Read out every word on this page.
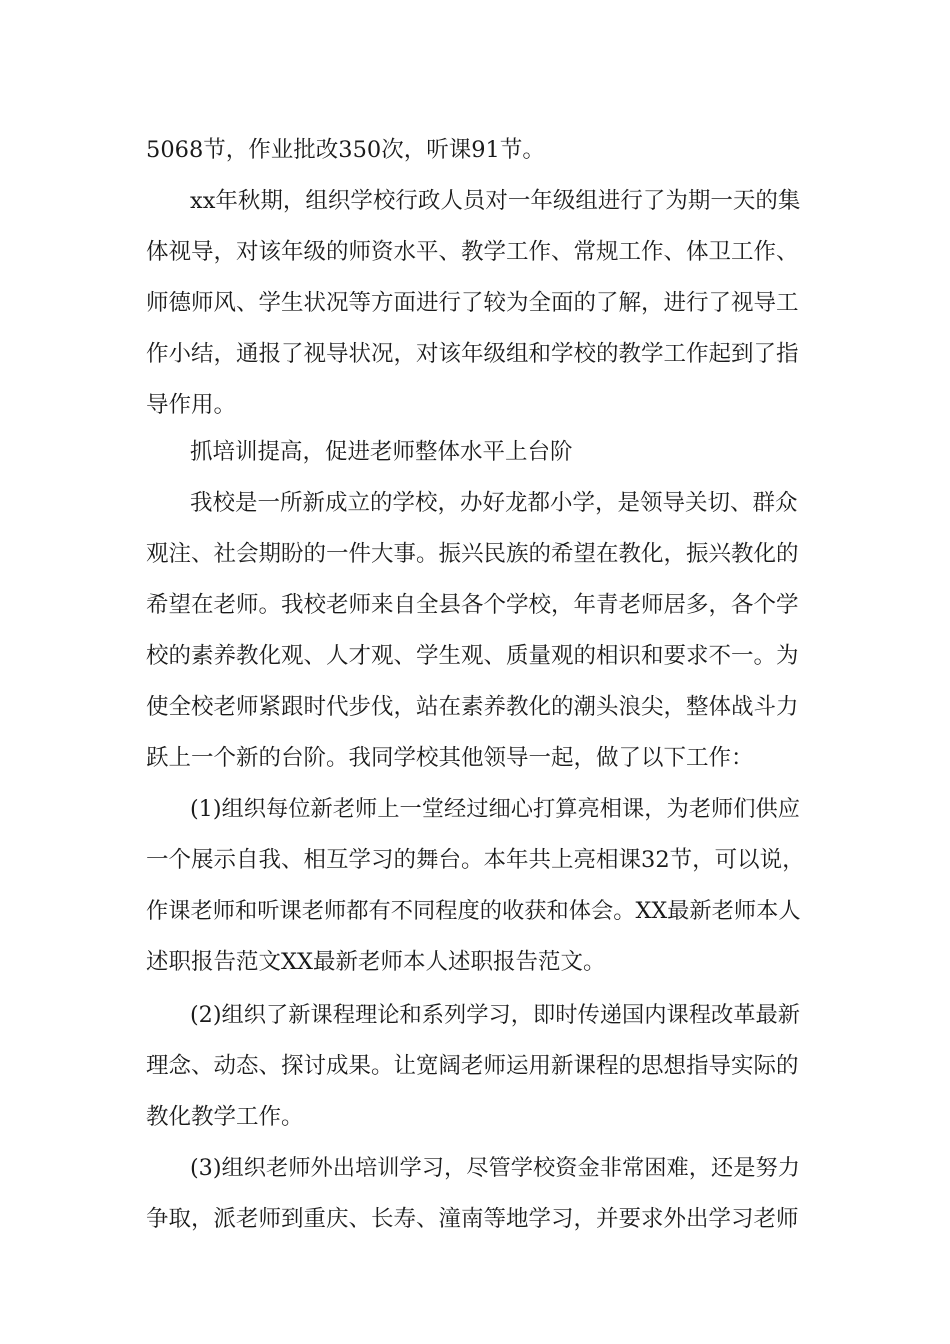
5068节，作业批改350次，听课91节。

xx年秋期，组织学校行政人员对一年级组进行了为期一天的集

体视导，对该年级的师资水平、教学工作、常规工作、体卫工作、

师德师风、学生状况等方面进行了较为全面的了解，进行了视导工

作小结，通报了视导状况，对该年级组和学校的教学工作起到了指

导作用。

抓培训提高，促进老师整体水平上台阶

我校是一所新成立的学校，办好龙都小学，是领导关切、群众

观注、社会期盼的一件大事。振兴民族的希望在教化，振兴教化的

希望在老师。我校老师来自全县各个学校，年青老师居多，各个学

校的素养教化观、人才观、学生观、质量观的相识和要求不一。为

使全校老师紧跟时代步伐，站在素养教化的潮头浪尖，整体战斗力

跃上一个新的台阶。我同学校其他领导一起，做了以下工作：

(1)组织每位新老师上一堂经过细心打算亮相课，为老师们供应

一个展示自我、相互学习的舞台。本年共上亮相课32节，可以说，

作课老师和听课老师都有不同程度的收获和体会。XX最新老师本人

述职报告范文XX最新老师本人述职报告范文。

(2)组织了新课程理论和系列学习，即时传递国内课程改革最新

理念、动态、探讨成果。让宽阔老师运用新课程的思想指导实际的

教化教学工作。

(3)组织老师外出培训学习，尽管学校资金非常困难，还是努力

争取，派老师到重庆、长寿、潼南等地学习，并要求外出学习老师
